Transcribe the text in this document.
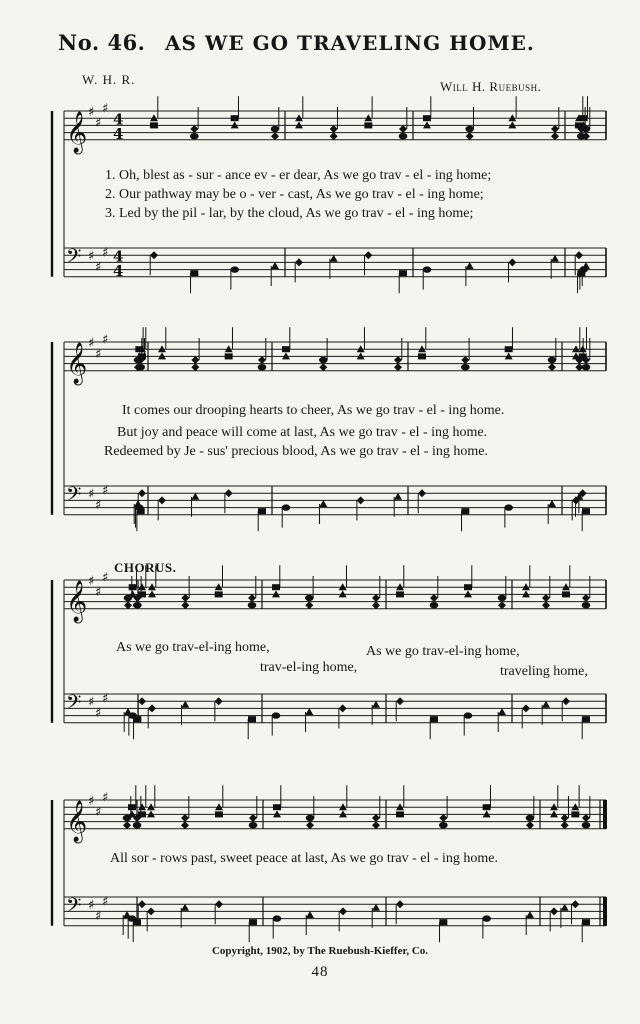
No. 46. AS WE GO TRAVELING HOME.
W. H. R.	Will H. Ruebush.
𝄞 ♯
♯
♯
𝄢 ♯
♯
♯
𝄞 ♯
♯
♯
𝄢 ♯
♯
♯
𝄞 ♯
♯
♯
𝄢 ♯
♯
♯
𝄞 ♯
♯
♯
𝄢 ♯
♯
♯
4
4
4
4
1. Oh, blest as - sur - ance ev - er dear, As we go trav - el - ing home;
2. Our pathway may be o - ver - cast, As we go trav - el - ing home;
3. Led by the pil - lar, by the cloud, As we go trav - el - ing home;
It comes our drooping hearts to cheer, As we go trav - el - ing home.
But joy and peace will come at last, As we go trav - el - ing home.
Redeemed by Je - sus' precious blood, As we go trav - el - ing home.
CHORUS.
As we go trav-el-ing home,	As we go trav-el-ing home,
trav-el-ing home,	traveling home,
All sor - rows past, sweet peace at last, As we go trav - el - ing home.
Copyright, 1902, by The Ruebush-Kieffer, Co.
48
